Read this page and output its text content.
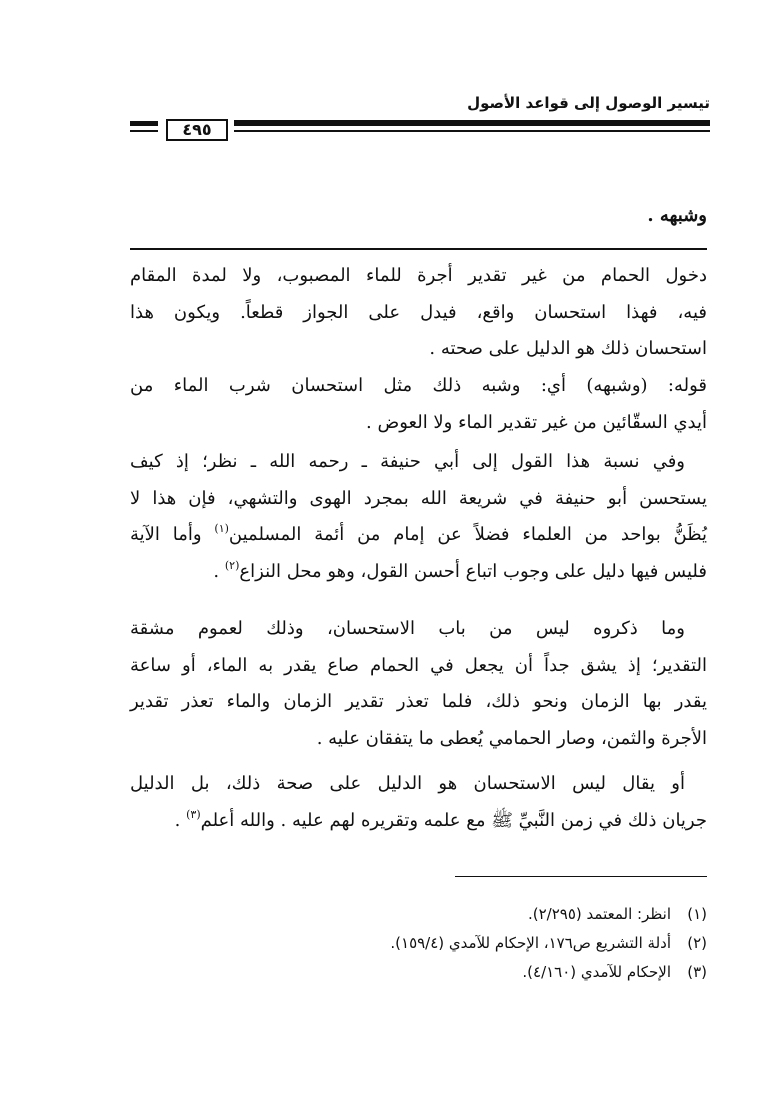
تيسير الوصول إلى قواعد الأصول
٤٩٥
وشبهه .
دخول الحمام من غير تقدير أجرة للماء المصبوب، ولا لمدة المقام
فيه، فهذا استحسان واقع، فيدل على الجواز قطعاً. ويكون هذا
استحسان ذلك هو الدليل على صحته .
قوله: (وشبهه) أي: وشبه ذلك مثل استحسان شرب الماء من
أيدي السقّائين من غير تقدير الماء ولا العوض .
وفي نسبة هذا القول إلى أبي حنيفة ـ رحمه الله ـ نظر؛ إذ كيف
يستحسن أبو حنيفة في شريعة الله بمجرد الهوى والتشهي، فإن هذا لا
يُظَنُّ بواحد من العلماء فضلاً عن إمام من أئمة المسلمين$^{(١)}$ وأما الآية
فليس فيها دليل على وجوب اتباع أحسن القول، وهو محل النزاع$^{(٢)}$ .
وما ذكروه ليس من باب الاستحسان، وذلك لعموم مشقة
التقدير؛ إذ يشق جداً أن يجعل في الحمام صاع يقدر به الماء، أو ساعة
يقدر بها الزمان ونحو ذلك، فلما تعذر تقدير الزمان والماء تعذر تقدير
الأجرة والثمن، وصار الحمامي يُعطى ما يتفقان عليه .
أو يقال ليس الاستحسان هو الدليل على صحة ذلك، بل الدليل
جريان ذلك في زمن النَّبيِّ ﷺ مع علمه وتقريره لهم عليه . والله أعلم$^{(٣)}$ .
(١)
انظر: المعتمد (٢/٢٩٥).
(٢)
أدلة التشريع ص١٧٦، الإحكام للآمدي (١٥٩/٤).
(٣)
الإحكام للآمدي (٤/١٦٠).
